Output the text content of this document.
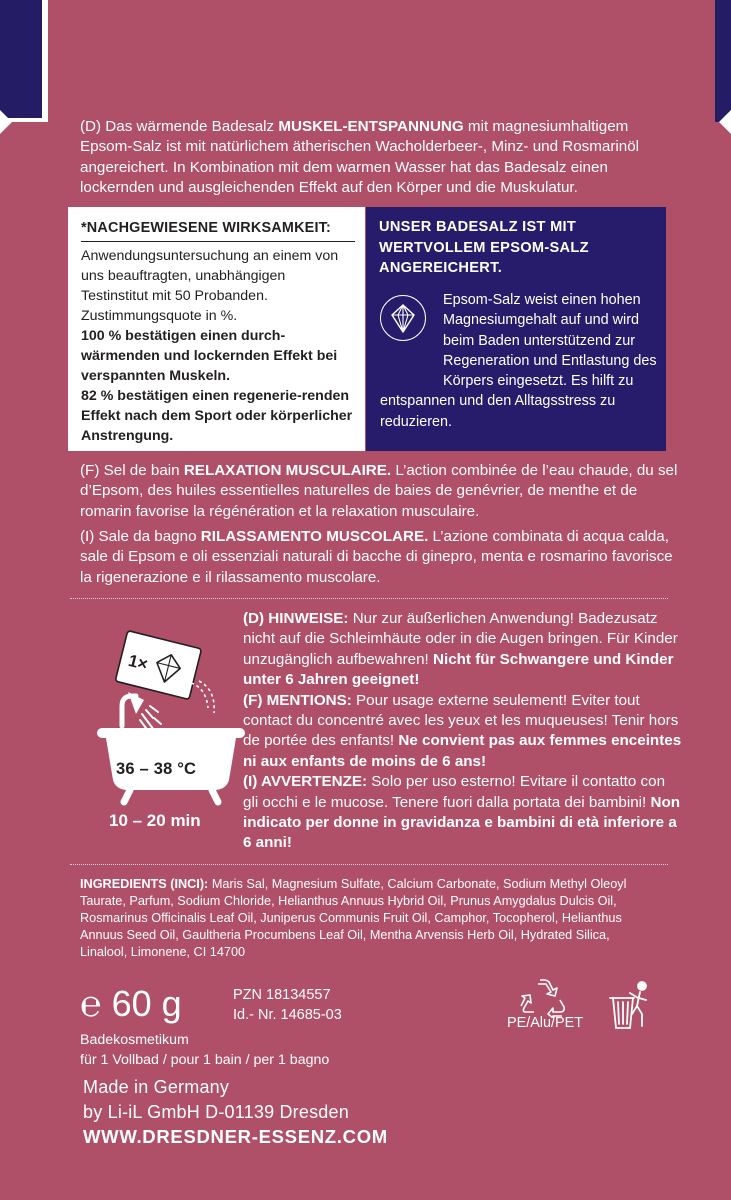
(D) Das wärmende Badesalz MUSKEL-ENTSPANNUNG mit magnesiumhaltigem Epsom-Salz ist mit natürlichem ätherischen Wacholderbeer-, Minz- und Rosmarinöl angereichert. In Kombination mit dem warmen Wasser hat das Badesalz einen lockernden und ausgleichenden Effekt auf den Körper und die Muskulatur.
*NACHGEWIESENE WIRKSAMKEIT:
Anwendungsuntersuchung an einem von uns beauftragten, unabhängigen Testinstitut mit 50 Probanden. Zustimmungsquote in %.
100 % bestätigen einen durch-wärmenden und lockernden Effekt bei verspannten Muskeln.
82 % bestätigen einen regenerie-renden Effekt nach dem Sport oder körperlicher Anstrengung.
UNSER BADESALZ IST MIT WERTVOLLEM EPSOM-SALZ ANGEREICHERT.
Epsom-Salz weist einen hohen Magnesiumgehalt auf und wird beim Baden unterstützend zur Regeneration und Entlastung des Körpers eingesetzt. Es hilft zu entspannen und den Alltagsstress zu reduzieren.
(F) Sel de bain RELAXATION MUSCULAIRE. L’action combinée de l’eau chaude, du sel d’Epsom, des huiles essentielles naturelles de baies de genévrier, de menthe et de romarin favorise la régénération et la relaxation musculaire.
(I) Sale da bagno RILASSAMENTO MUSCOLARE. L’azione combinata di acqua calda, sale di Epsom e oli essenziali naturali di bacche di ginepro, menta e rosmarino favorisce la rigenerazione e il rilassamento muscolare.
1×
36 – 38 °C
10 – 20 min
(D) HINWEISE: Nur zur äußerlichen Anwendung! Badezusatz nicht auf die Schleimhäute oder in die Augen bringen. Für Kinder unzugänglich aufbewahren! Nicht für Schwangere und Kinder unter 6 Jahren geeignet!
(F) MENTIONS: Pour usage externe seulement! Eviter tout contact du concentré avec les yeux et les muqueuses! Tenir hors de portée des enfants! Ne convient pas aux femmes enceintes ni aux enfants de moins de 6 ans!
(I) AVVERTENZE: Solo per uso esterno! Evitare il contatto con gli occhi e le mucose. Tenere fuori dalla portata dei bambini! Non indicato per donne in gravidanza e bambini di età inferiore a 6 anni!
INGREDIENTS (INCI): Maris Sal, Magnesium Sulfate, Calcium Carbonate, Sodium Methyl Oleoyl Taurate, Parfum, Sodium Chloride, Helianthus Annuus Hybrid Oil, Prunus Amygdalus Dulcis Oil, Rosmarinus Officinalis Leaf Oil, Juniperus Communis Fruit Oil, Camphor, Tocopherol, Helianthus Annuus Seed Oil, Gaultheria Procumbens Leaf Oil, Mentha Arvensis Herb Oil, Hydrated Silica, Linalool, Limonene, CI 14700
℮ 60 g	PZN 18134557
Id.- Nr. 14685-03
Badekosmetikum
für 1 Vollbad / pour 1 bain / per 1 bagno
PE/Alu/PET
Made in Germany
by Li-iL GmbH D-01139 Dresden
WWW.DRESDNER-ESSENZ.COM
